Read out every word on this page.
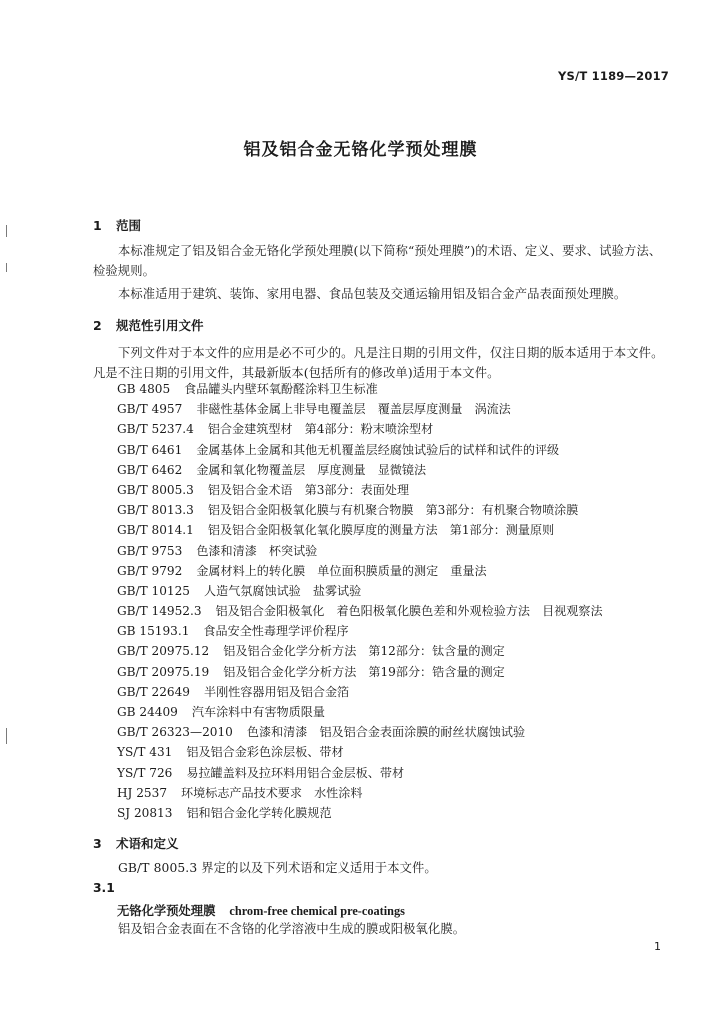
YS/T 1189—2017
铝及铝合金无铬化学预处理膜
1 范围
本标准规定了铝及铝合金无铬化学预处理膜(以下简称“预处理膜”)的术语、定义、要求、试验方法、检验规则。
本标准适用于建筑、装饰、家用电器、食品包装及交通运输用铝及铝合金产品表面预处理膜。
2 规范性引用文件
下列文件对于本文件的应用是必不可少的。凡是注日期的引用文件，仅注日期的版本适用于本文件。凡是不注日期的引用文件，其最新版本(包括所有的修改单)适用于本文件。
GB 4805 食品罐头内壁环氧酚醛涂料卫生标准
GB/T 4957 非磁性基体金属上非导电覆盖层　覆盖层厚度测量　涡流法
GB/T 5237.4 铝合金建筑型材　第4部分：粉末喷涂型材
GB/T 6461 金属基体上金属和其他无机覆盖层经腐蚀试验后的试样和试件的评级
GB/T 6462 金属和氧化物覆盖层　厚度测量　显微镜法
GB/T 8005.3 铝及铝合金术语　第3部分：表面处理
GB/T 8013.3 铝及铝合金阳极氧化膜与有机聚合物膜　第3部分：有机聚合物喷涂膜
GB/T 8014.1 铝及铝合金阳极氧化氧化膜厚度的测量方法　第1部分：测量原则
GB/T 9753 色漆和清漆　杯突试验
GB/T 9792 金属材料上的转化膜　单位面积膜质量的测定　重量法
GB/T 10125 人造气氛腐蚀试验　盐雾试验
GB/T 14952.3 铝及铝合金阳极氧化　着色阳极氧化膜色差和外观检验方法　目视观察法
GB 15193.1 食品安全性毒理学评价程序
GB/T 20975.12 铝及铝合金化学分析方法　第12部分：钛含量的测定
GB/T 20975.19 铝及铝合金化学分析方法　第19部分：锆含量的测定
GB/T 22649 半刚性容器用铝及铝合金箔
GB 24409 汽车涂料中有害物质限量
GB/T 26323—2010 色漆和清漆　铝及铝合金表面涂膜的耐丝状腐蚀试验
YS/T 431 铝及铝合金彩色涂层板、带材
YS/T 726 易拉罐盖料及拉环料用铝合金层板、带材
HJ 2537 环境标志产品技术要求　水性涂料
SJ 20813 铝和铝合金化学转化膜规范
3 术语和定义
GB/T 8005.3 界定的以及下列术语和定义适用于本文件。
3.1
无铬化学预处理膜 chrom-free chemical pre-coatings
铝及铝合金表面在不含铬的化学溶液中生成的膜或阳极氧化膜。
1
